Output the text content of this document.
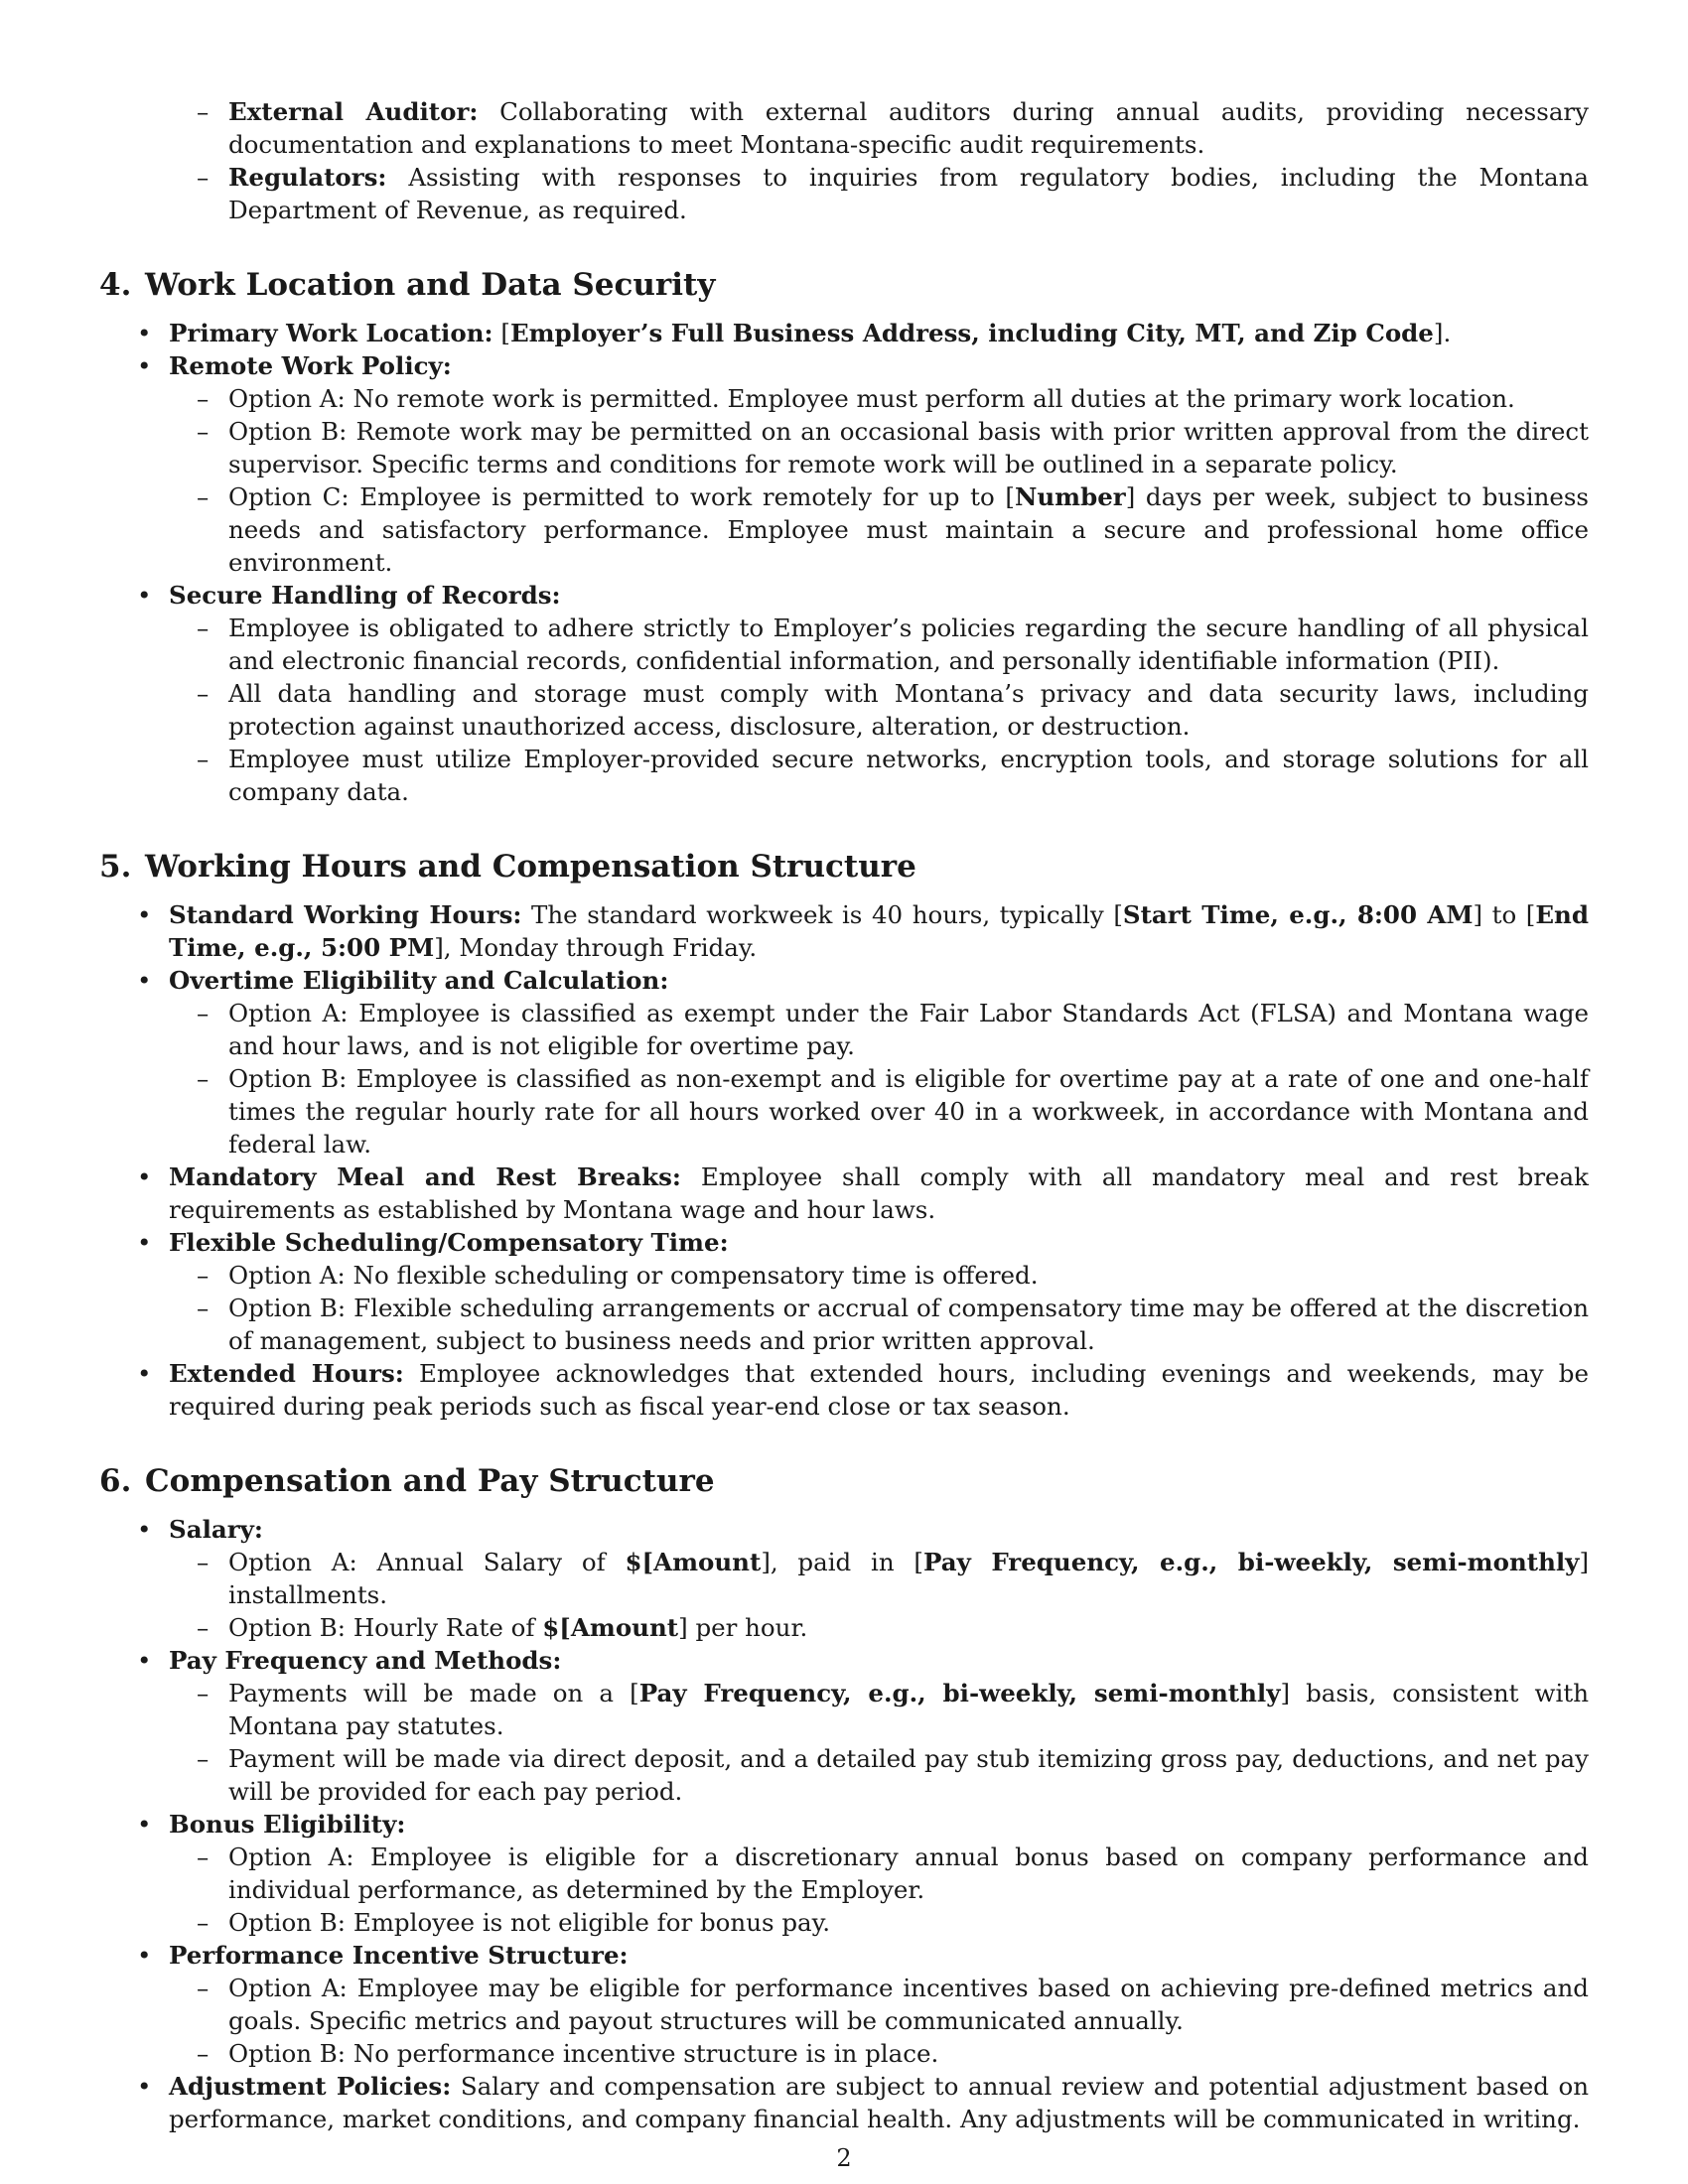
– External Auditor: Collaborating with external auditors during annual audits, providing necessary documentation and explanations to meet Montana-specific audit requirements.
– Regulators: Assisting with responses to inquiries from regulatory bodies, including the Montana Department of Revenue, as required.
4. Work Location and Data Security
• Primary Work Location: [Employer’s Full Business Address, including City, MT, and Zip Code].
• Remote Work Policy:
– Option A: No remote work is permitted. Employee must perform all duties at the primary work location.
– Option B: Remote work may be permitted on an occasional basis with prior written approval from the direct supervisor. Specific terms and conditions for remote work will be outlined in a separate policy.
– Option C: Employee is permitted to work remotely for up to [Number] days per week, subject to business needs and satisfactory performance. Employee must maintain a secure and professional home office environment.
• Secure Handling of Records:
– Employee is obligated to adhere strictly to Employer’s policies regarding the secure handling of all physical and electronic financial records, confidential information, and personally identifiable information (PII).
– All data handling and storage must comply with Montana’s privacy and data security laws, including protection against unauthorized access, disclosure, alteration, or destruction.
– Employee must utilize Employer-provided secure networks, encryption tools, and storage solutions for all company data.
5. Working Hours and Compensation Structure
• Standard Working Hours: The standard workweek is 40 hours, typically [Start Time, e.g., 8:00 AM] to [End Time, e.g., 5:00 PM], Monday through Friday.
• Overtime Eligibility and Calculation:
– Option A: Employee is classified as exempt under the Fair Labor Standards Act (FLSA) and Montana wage and hour laws, and is not eligible for overtime pay.
– Option B: Employee is classified as non-exempt and is eligible for overtime pay at a rate of one and one-half times the regular hourly rate for all hours worked over 40 in a workweek, in accordance with Montana and federal law.
• Mandatory Meal and Rest Breaks: Employee shall comply with all mandatory meal and rest break requirements as established by Montana wage and hour laws.
• Flexible Scheduling/Compensatory Time:
– Option A: No flexible scheduling or compensatory time is offered.
– Option B: Flexible scheduling arrangements or accrual of compensatory time may be offered at the discretion of management, subject to business needs and prior written approval.
• Extended Hours: Employee acknowledges that extended hours, including evenings and weekends, may be required during peak periods such as fiscal year-end close or tax season.
6. Compensation and Pay Structure
• Salary:
– Option A: Annual Salary of $[Amount], paid in [Pay Frequency, e.g., bi-weekly, semi-monthly] installments.
– Option B: Hourly Rate of $[Amount] per hour.
• Pay Frequency and Methods:
– Payments will be made on a [Pay Frequency, e.g., bi-weekly, semi-monthly] basis, consistent with Montana pay statutes.
– Payment will be made via direct deposit, and a detailed pay stub itemizing gross pay, deductions, and net pay will be provided for each pay period.
• Bonus Eligibility:
– Option A: Employee is eligible for a discretionary annual bonus based on company performance and individual performance, as determined by the Employer.
– Option B: Employee is not eligible for bonus pay.
• Performance Incentive Structure:
– Option A: Employee may be eligible for performance incentives based on achieving pre-defined metrics and goals. Specific metrics and payout structures will be communicated annually.
– Option B: No performance incentive structure is in place.
• Adjustment Policies: Salary and compensation are subject to annual review and potential adjustment based on performance, market conditions, and company financial health. Any adjustments will be communicated in writing.
2
